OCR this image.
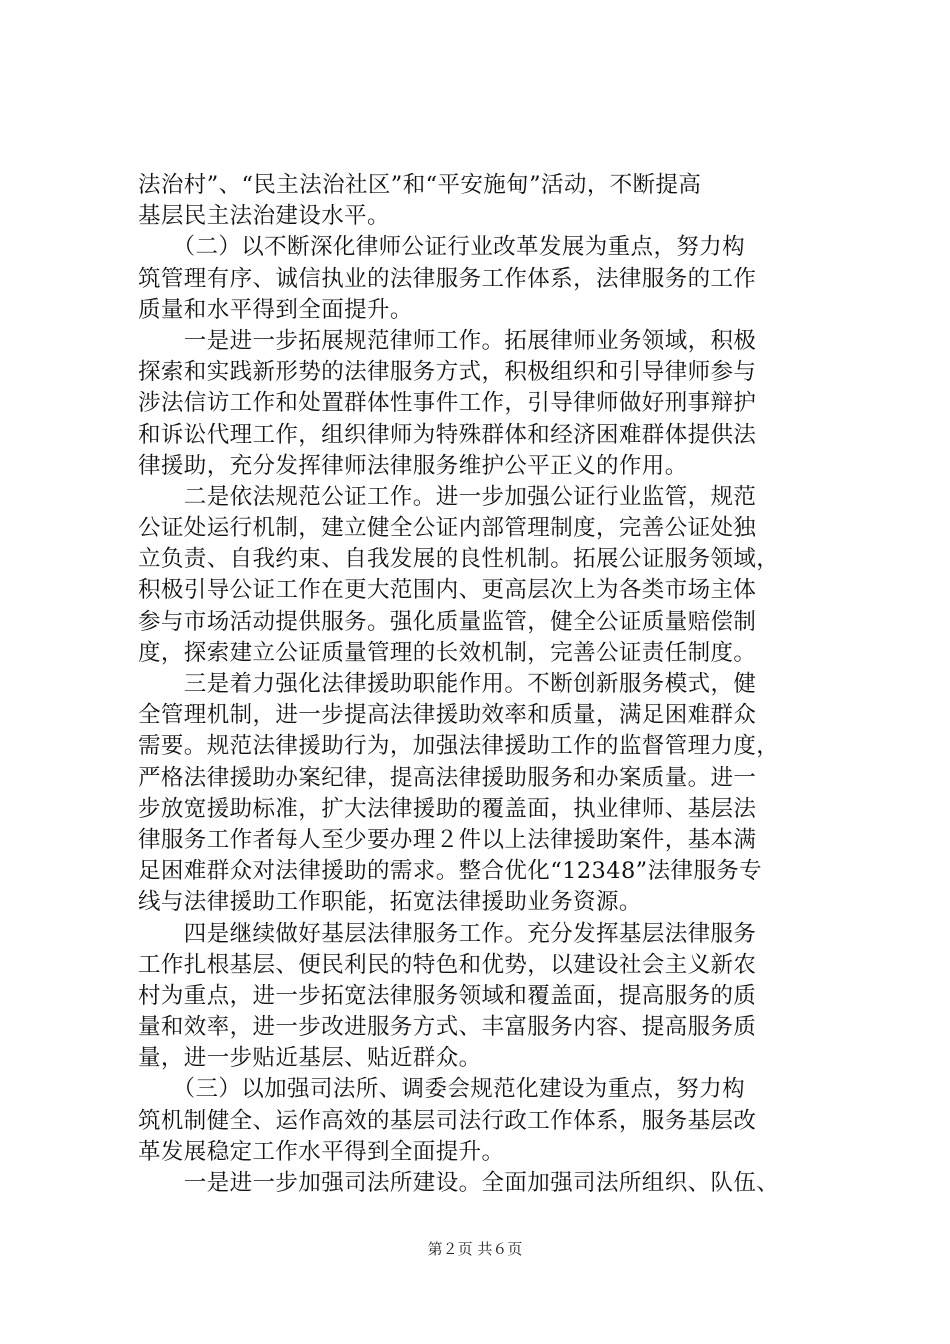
法治村”、“民主法治社区”和“平安施甸”活动，不断提高
基层民主法治建设水平。
　　（二）以不断深化律师公证行业改革发展为重点，努力构
筑管理有序、诚信执业的法律服务工作体系，法律服务的工作
质量和水平得到全面提升。
　　一是进一步拓展规范律师工作。拓展律师业务领域，积极
探索和实践新形势的法律服务方式，积极组织和引导律师参与
涉法信访工作和处置群体性事件工作，引导律师做好刑事辩护
和诉讼代理工作，组织律师为特殊群体和经济困难群体提供法
律援助，充分发挥律师法律服务维护公平正义的作用。
　　二是依法规范公证工作。进一步加强公证行业监管，规范
公证处运行机制，建立健全公证内部管理制度，完善公证处独
立负责、自我约束、自我发展的良性机制。拓展公证服务领域，
积极引导公证工作在更大范围内、更高层次上为各类市场主体
参与市场活动提供服务。强化质量监管，健全公证质量赔偿制
度，探索建立公证质量管理的长效机制，完善公证责任制度。
　　三是着力强化法律援助职能作用。不断创新服务模式，健
全管理机制，进一步提高法律援助效率和质量，满足困难群众
需要。规范法律援助行为，加强法律援助工作的监督管理力度，
严格法律援助办案纪律，提高法律援助服务和办案质量。进一
步放宽援助标准，扩大法律援助的覆盖面，执业律师、基层法
律服务工作者每人至少要办理２件以上法律援助案件，基本满
足困难群众对法律援助的需求。整合优化“12348”法律服务专
线与法律援助工作职能，拓宽法律援助业务资源。
　　四是继续做好基层法律服务工作。充分发挥基层法律服务
工作扎根基层、便民利民的特色和优势，以建设社会主义新农
村为重点，进一步拓宽法律服务领域和覆盖面，提高服务的质
量和效率，进一步改进服务方式、丰富服务内容、提高服务质
量，进一步贴近基层、贴近群众。
　　（三）以加强司法所、调委会规范化建设为重点，努力构
筑机制健全、运作高效的基层司法行政工作体系，服务基层改
革发展稳定工作水平得到全面提升。
　　一是进一步加强司法所建设。全面加强司法所组织、队伍、
第２页 共６页
